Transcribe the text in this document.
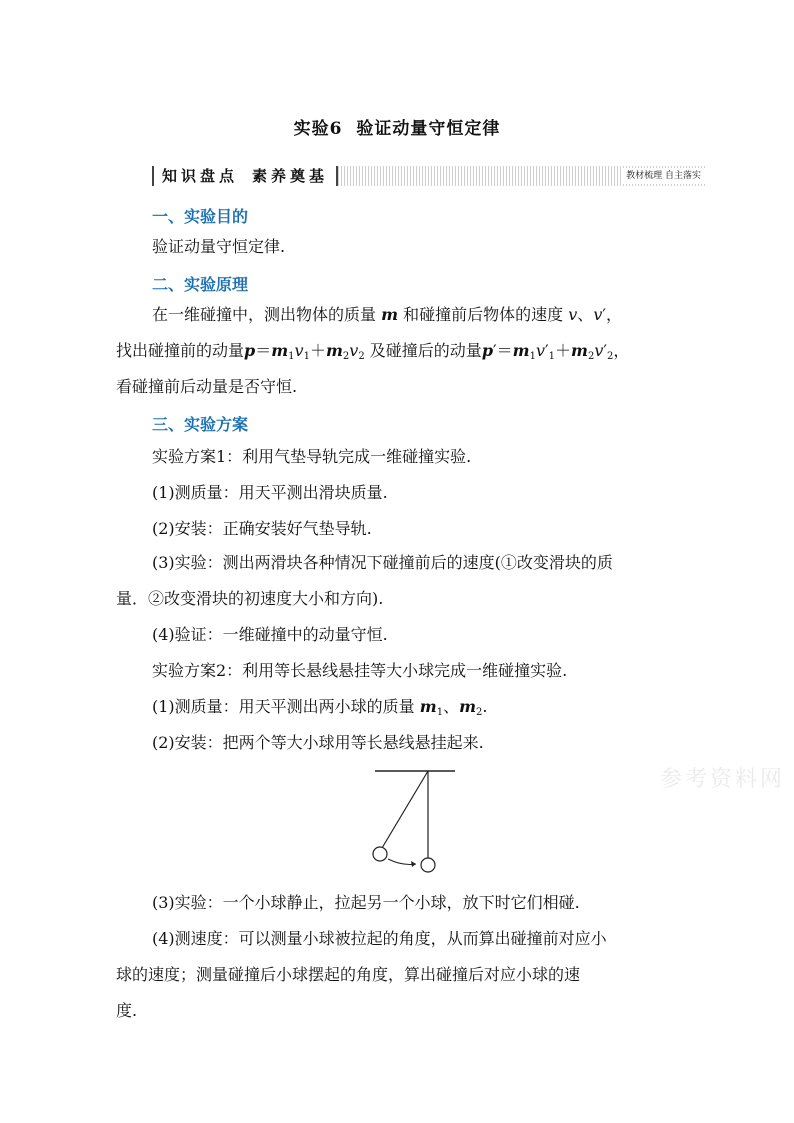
实验6 验证动量守恒定律
知识盘点 素养奠基	教材梳理 自主落实
一、实验目的
验证动量守恒定律.
二、实验原理
在一维碰撞中，测出物体的质量 m 和碰撞前后物体的速度 v、v′，
找出碰撞前的动量$p=m_1v_1+m_2v_2$ 及碰撞后的动量$p'=m_1v'_1+m_2v'_2$，
看碰撞前后动量是否守恒.
三、实验方案
实验方案1：利用气垫导轨完成一维碰撞实验.
(1)测质量：用天平测出滑块质量.
(2)安装：正确安装好气垫导轨.
(3)实验：测出两滑块各种情况下碰撞前后的速度(①改变滑块的质
量．②改变滑块的初速度大小和方向).
(4)验证：一维碰撞中的动量守恒.
实验方案2：利用等长悬线悬挂等大小球完成一维碰撞实验.
(1)测质量：用天平测出两小球的质量 $m_1$、$m_2$.
(2)安装：把两个等大小球用等长悬线悬挂起来.
参考资料网
(3)实验：一个小球静止，拉起另一个小球，放下时它们相碰.
(4)测速度：可以测量小球被拉起的角度，从而算出碰撞前对应小
球的速度；测量碰撞后小球摆起的角度，算出碰撞后对应小球的速
度.
